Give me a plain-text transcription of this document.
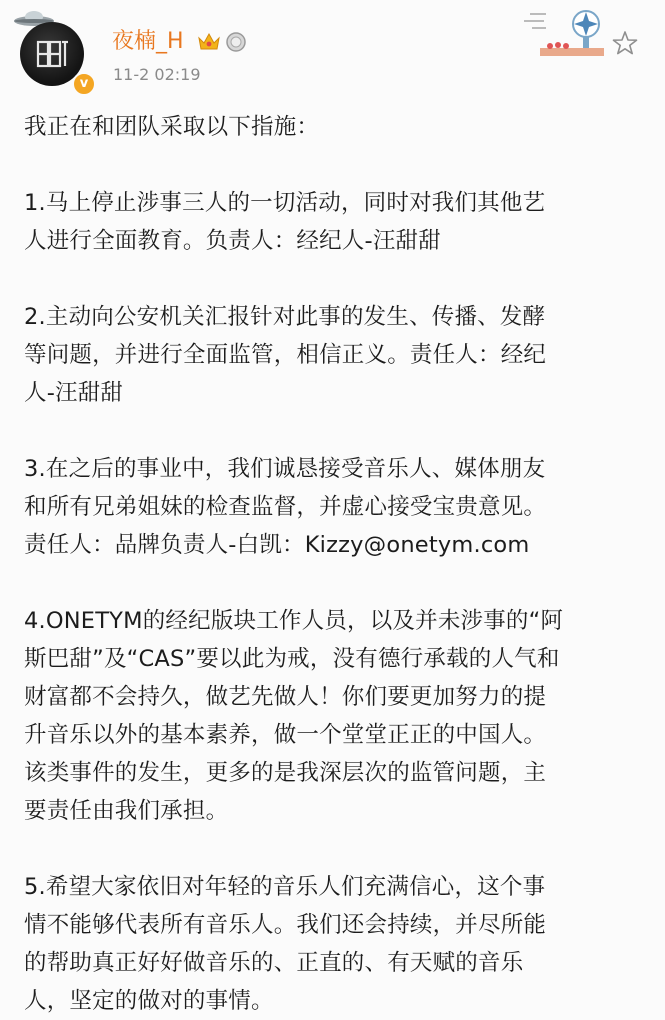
v
夜楠_H
11-2 02:19

我正在和团队采取以下指施：

1.马上停止涉事三人的一切活动，同时对我们其他艺
人进行全面教育。负责人：经纪人-汪甜甜

2.主动向公安机关汇报针对此事的发生、传播、发酵
等问题，并进行全面监管，相信正义。责任人：经纪
人-汪甜甜

3.在之后的事业中，我们诚恳接受音乐人、媒体朋友
和所有兄弟姐妹的检查监督，并虚心接受宝贵意见。
责任人：品牌负责人-白凯：Kizzy@onetym.com

4.ONETYM的经纪版块工作人员，以及并未涉事的“阿
斯巴甜”及“CAS”要以此为戒，没有德行承载的人气和
财富都不会持久，做艺先做人！你们要更加努力的提
升音乐以外的基本素养，做一个堂堂正正的中国人。
该类事件的发生，更多的是我深层次的监管问题，主
要责任由我们承担。

5.希望大家依旧对年轻的音乐人们充满信心，这个事
情不能够代表所有音乐人。我们还会持续，并尽所能
的帮助真正好好做音乐的、正直的、有天赋的音乐
人，坚定的做对的事情。
